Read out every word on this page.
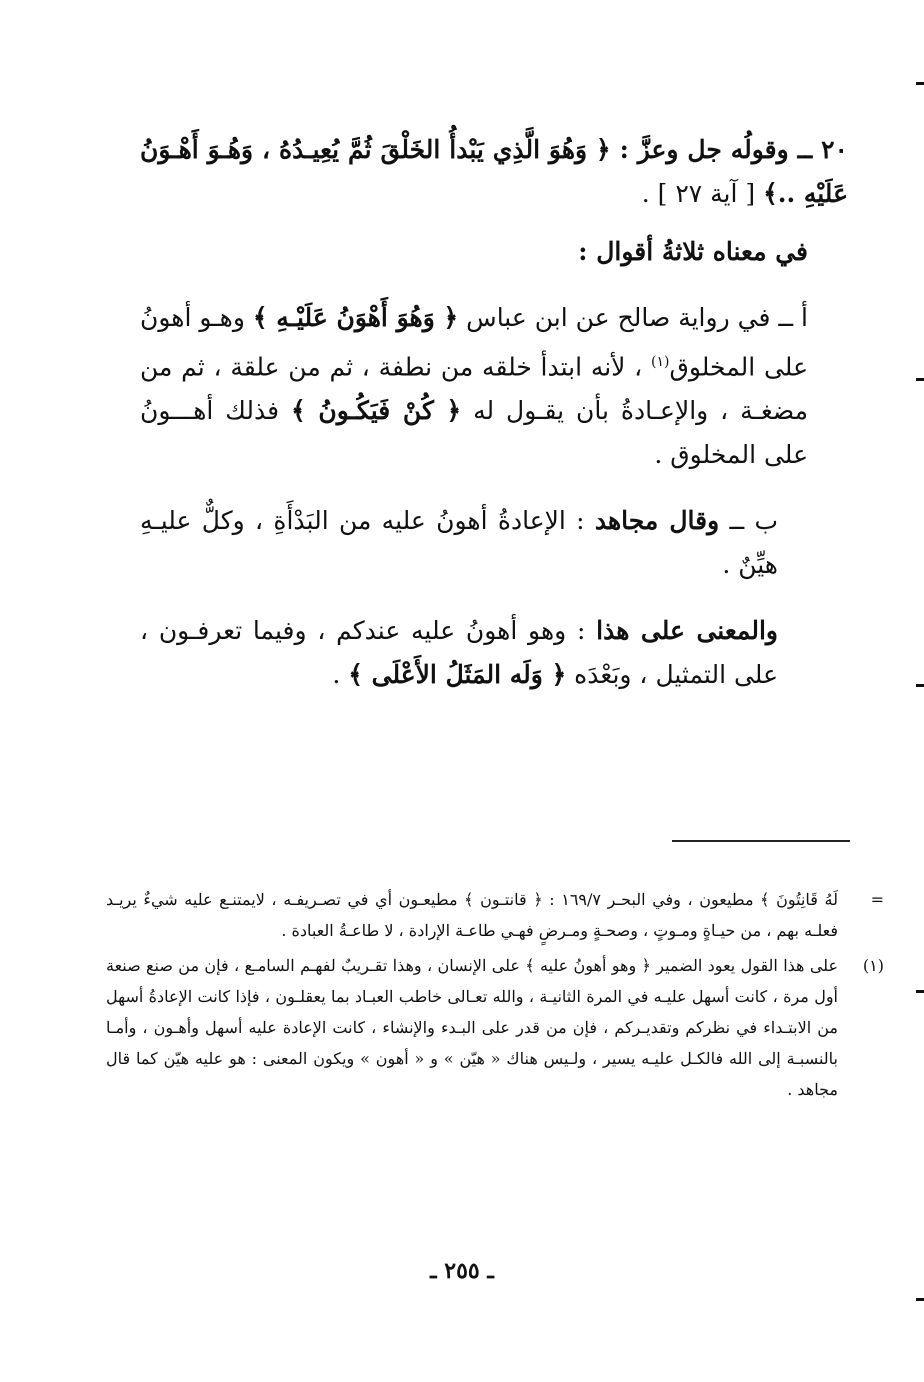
٢٠ ــ وقولُه جل وعزَّ : ﴿ وَهُوَ الَّذِي يَبْدأُ الخَلْقَ ثُمَّ يُعِيـدُهُ ، وَهُـوَ أَهْـوَنُ عَلَيْهِ ..﴾ [ آية ٢٧ ] .

في معناه ثلاثةُ أقوال :

أ ــ في رواية صالح عن ابن عباس ﴿ وَهُوَ أَهْوَنُ عَلَيْـهِ ﴾ وهـو أهونُ على المخلوق$^{(١)}$ ، لأنه ابتدأ خلقه من نطفة ، ثم من علقة ، ثم من مضغـة ، والإعـادةُ بأن يقـول له ﴿ كُنْ فَيَكُـونُ ﴾ فذلك أهـــونُ على المخلوق .

ب ــ وقال مجاهد : الإعادةُ أهونُ عليه من البَدْأَةِ ، وكلٌّ عليـهِ هيِّنٌ .

والمعنى على هذا : وهو أهونُ عليه عندكم ، وفيما تعرفـون ، على التمثيل ، وبَعْدَه ﴿ وَلَه المَثَلُ الأَعْلَى ﴾ .

=
لَهُ قَانِتُونَ ﴾ مطيعون ، وفي البحـر ١٦٩/٧ : ﴿ قانتـون ﴾ مطيعـون أي في تصـريفـه ، لايمتنـع عليه شيءٌ يريـد فعلـه بهم ، من حيـاةٍ ومـوتٍ ، وصحـةٍ ومـرضٍ فهـي طاعـة الإرادة ، لا طاعـةُ العبادة .

(١)
على هذا القول يعود الضمير ﴿ وهو أهونُ عليه ﴾ على الإنسان ، وهذا تقـريبٌ لفهـم السامـع ، فإن من صنع صنعة أول مرة ، كانت أسهل عليـه في المرة الثانيـة ، والله تعـالى خاطب العبـاد بما يعقلـون ، فإذا كانت الإعادةُ أسهل من الابتـداء في نظركم وتقديـركم ، فإن من قدر على البـدء والإنشاء ، كانت الإعادة عليه أسهل وأهـون ، وأمـا بالنسبـة إلى الله فالكـل عليـه يسير ، ولـيس هناك « هيّن » و « أهون » ويكون المعنى : هو عليه هيّن كما قال مجاهد .

ـ ٢٥٥ ـ
